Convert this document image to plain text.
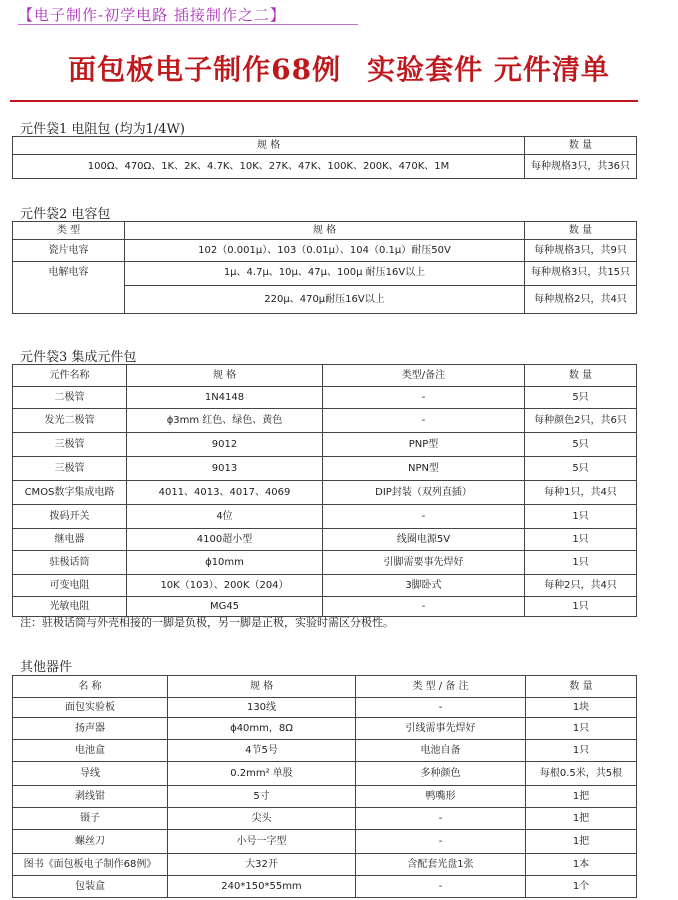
【电子制作-初学电路 插接制作之二】
面包板电子制作68例 实验套件 元件清单
元件袋1 电阻包 (均为1/4W)
规 格	数 量
100Ω、470Ω、1K、2K、4.7K、10K、27K、47K、100K、200K、470K、1M	每种规格3只，共36只
元件袋2 电容包
类 型	规 格	数 量
瓷片电容	102（0.001μ）、103（0.01μ）、104（0.1μ）耐压50V	每种规格3只，共9只
电解电容	1μ、4.7μ、10μ、47μ、100μ 耐压16V以上	每种规格3只，共15只
	220μ、470μ耐压16V以上	每种规格2只，共4只
元件袋3 集成元件包
元件名称	规 格	类型/备注	数 量
二极管	1N4148	-	5只
发光二极管	ϕ3mm 红色、绿色、黄色	-	每种颜色2只，共6只
三极管	9012	PNP型	5只
三极管	9013	NPN型	5只
CMOS数字集成电路	4011、4013、4017、4069	DIP封装（双列直插）	每种1只，共4只
拨码开关	4位	-	1只
继电器	4100超小型	线圈电源5V	1只
驻极话筒	ϕ10mm	引脚需要事先焊好	1只
可变电阻	10K（103）、200K（204）	3脚卧式	每种2只，共4只
光敏电阻	MG45	-	1只
注：驻极话筒与外壳相接的一脚是负极，另一脚是正极，实验时需区分极性。
其他器件
名 称	规 格	类 型 / 备 注	数 量
面包实验板	130线	-	1块
扬声器	ϕ40mm，8Ω	引线需事先焊好	1只
电池盒	4节5号	电池自备	1只
导线	0.2mm² 单股	多种颜色	每根0.5米，共5根
剥线钳	5寸	鸭嘴形	1把
镊子	尖头	-	1把
螺丝刀	小号一字型	-	1把
图书《面包板电子制作68例》	大32开	含配套光盘1张	1本
包装盒	240*150*55mm	-	1个
